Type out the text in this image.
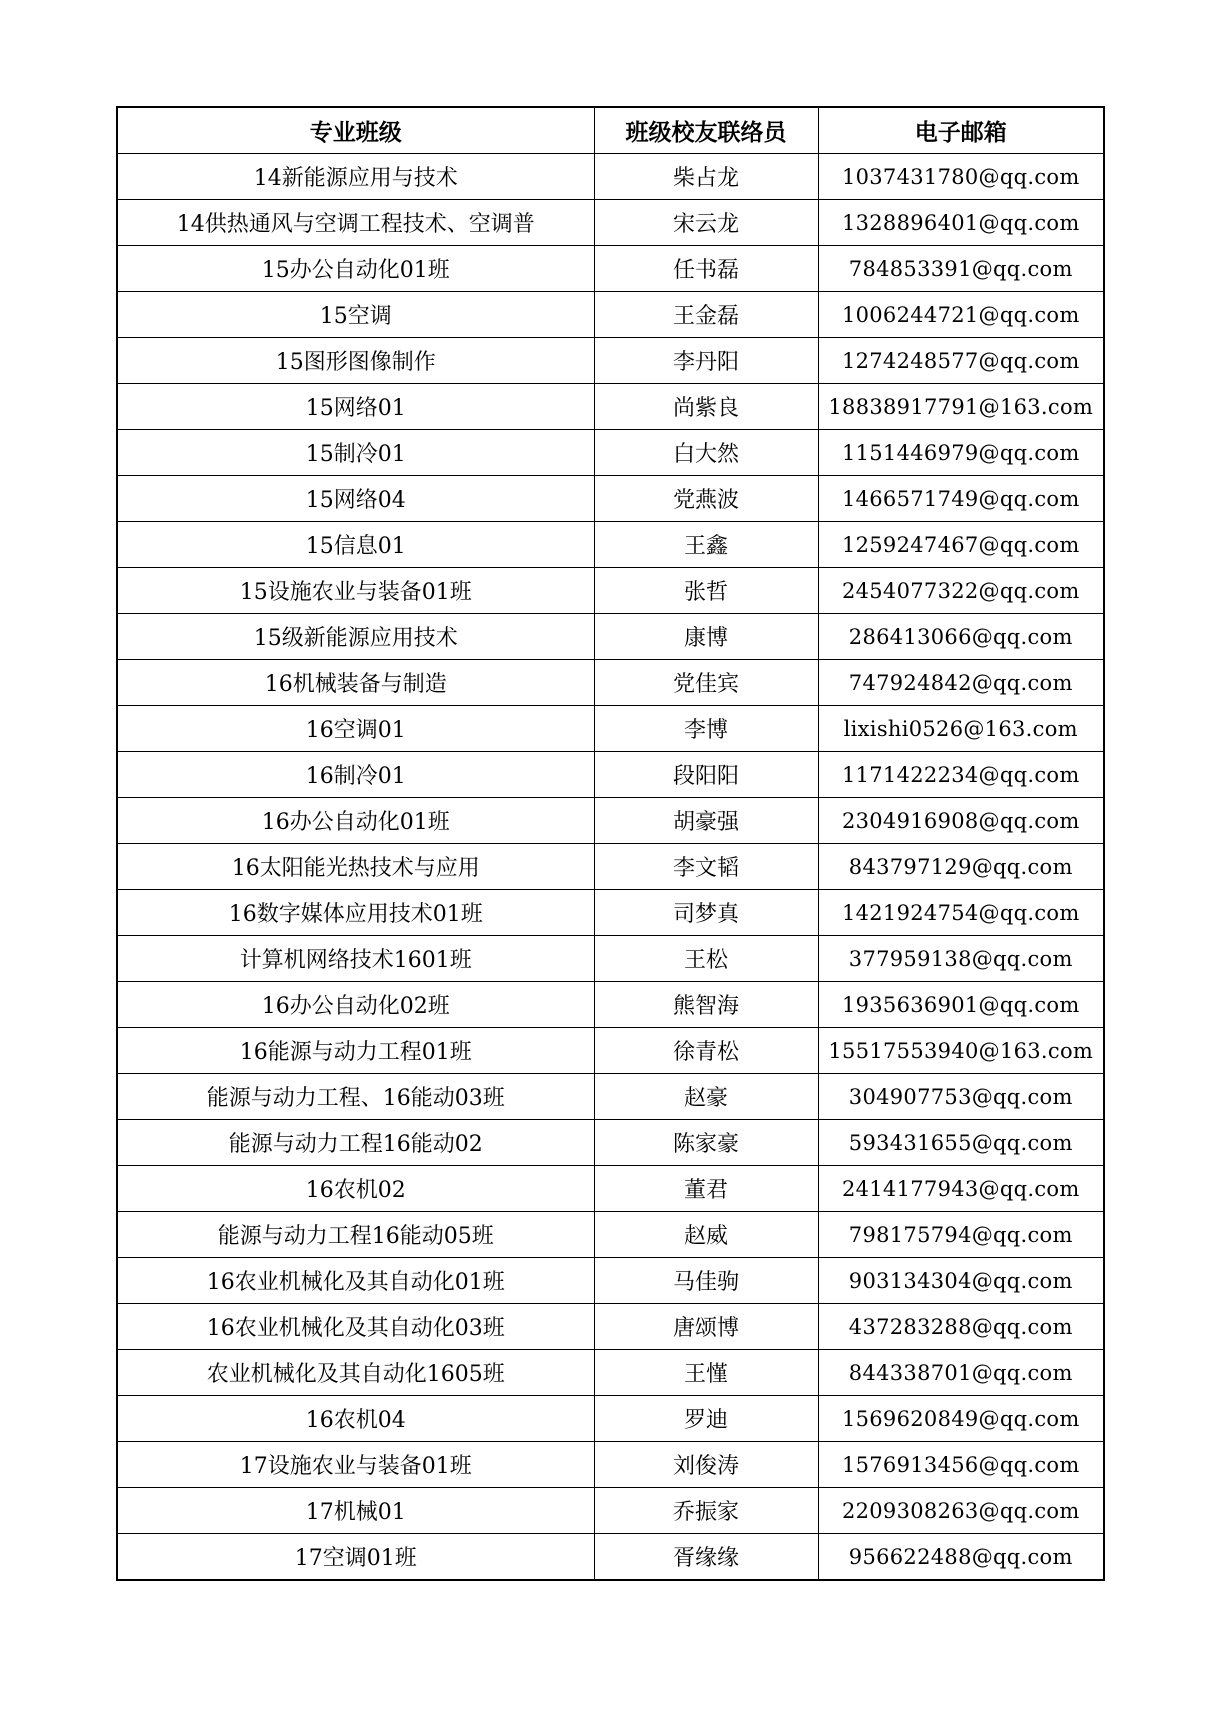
专业班级	班级校友联络员	电子邮箱
14新能源应用与技术	柴占龙	1037431780@qq.com
14供热通风与空调工程技术、空调普	宋云龙	1328896401@qq.com
15办公自动化01班	任书磊	784853391@qq.com
15空调	王金磊	1006244721@qq.com
15图形图像制作	李丹阳	1274248577@qq.com
15网络01	尚紫良	18838917791@163.com
15制冷01	白大然	1151446979@qq.com
15网络04	党燕波	1466571749@qq.com
15信息01	王鑫	1259247467@qq.com
15设施农业与装备01班	张哲	2454077322@qq.com
15级新能源应用技术	康博	286413066@qq.com
16机械装备与制造	党佳宾	747924842@qq.com
16空调01	李博	lixishi0526@163.com
16制冷01	段阳阳	1171422234@qq.com
16办公自动化01班	胡豪强	2304916908@qq.com
16太阳能光热技术与应用	李文韬	843797129@qq.com
16数字媒体应用技术01班	司梦真	1421924754@qq.com
计算机网络技术1601班	王松	377959138@qq.com
16办公自动化02班	熊智海	1935636901@qq.com
16能源与动力工程01班	徐青松	15517553940@163.com
能源与动力工程、16能动03班	赵豪	304907753@qq.com
能源与动力工程16能动02	陈家豪	593431655@qq.com
16农机02	董君	2414177943@qq.com
能源与动力工程16能动05班	赵威	798175794@qq.com
16农业机械化及其自动化01班	马佳驹	903134304@qq.com
16农业机械化及其自动化03班	唐颂博	437283288@qq.com
农业机械化及其自动化1605班	王慬	844338701@qq.com
16农机04	罗迪	1569620849@qq.com
17设施农业与装备01班	刘俊涛	1576913456@qq.com
17机械01	乔振家	2209308263@qq.com
17空调01班	胥缘缘	956622488@qq.com
